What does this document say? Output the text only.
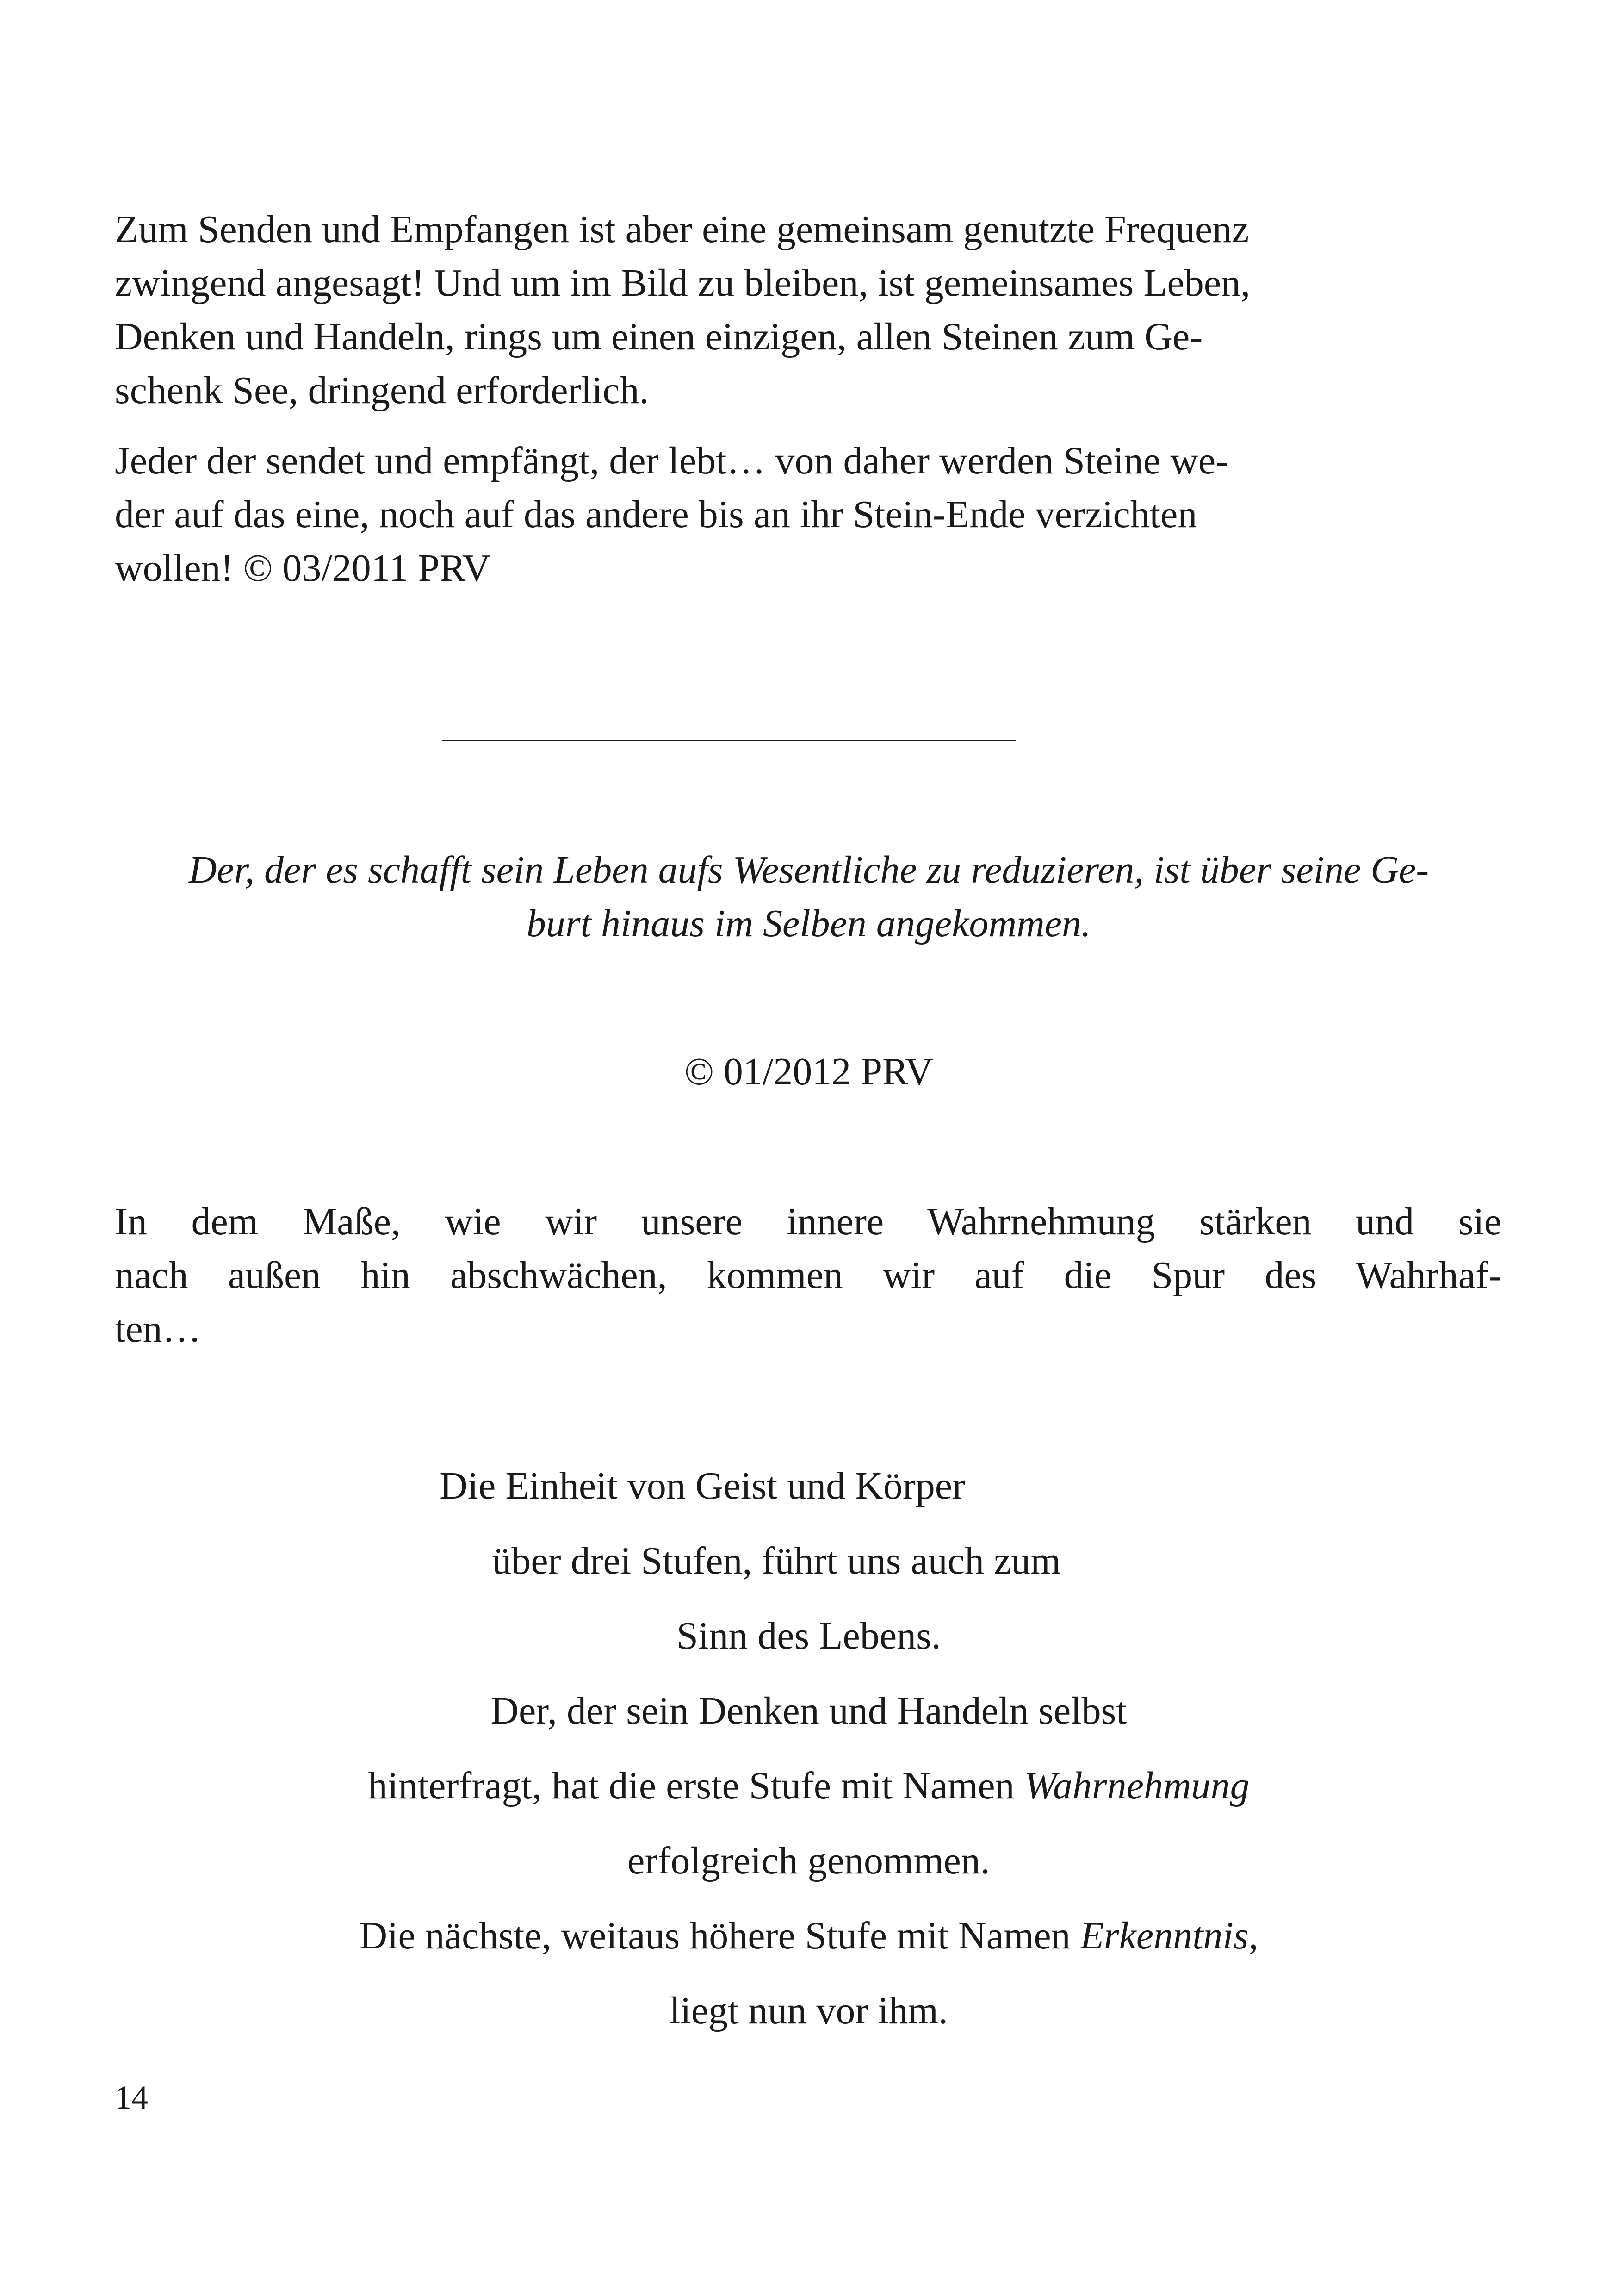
Zum Senden und Empfangen ist aber eine gemeinsam genutzte Frequenz
zwingend angesagt! Und um im Bild zu bleiben, ist gemeinsames Leben,
Denken und Handeln, rings um einen einzigen, allen Steinen zum Ge-
schenk See, dringend erforderlich.

Jeder der sendet und empfängt, der lebt… von daher werden Steine we-
der auf das eine, noch auf das andere bis an ihr Stein-Ende verzichten
wollen! © 03/2011 PRV

Der, der es schafft sein Leben aufs Wesentliche zu reduzieren, ist über seine Ge-
burt hinaus im Selben angekommen.

© 01/2012 PRV

In dem Maße, wie wir unsere innere Wahrnehmung stärken und sie
nach außen hin abschwächen, kommen wir auf die Spur des Wahrhaf-
ten…

Die Einheit von Geist und Körper
über drei Stufen, führt uns auch zum
Sinn des Lebens.
Der, der sein Denken und Handeln selbst
hinterfragt, hat die erste Stufe mit Namen Wahrnehmung
erfolgreich genommen.
Die nächste, weitaus höhere Stufe mit Namen Erkenntnis,
liegt nun vor ihm.

14
